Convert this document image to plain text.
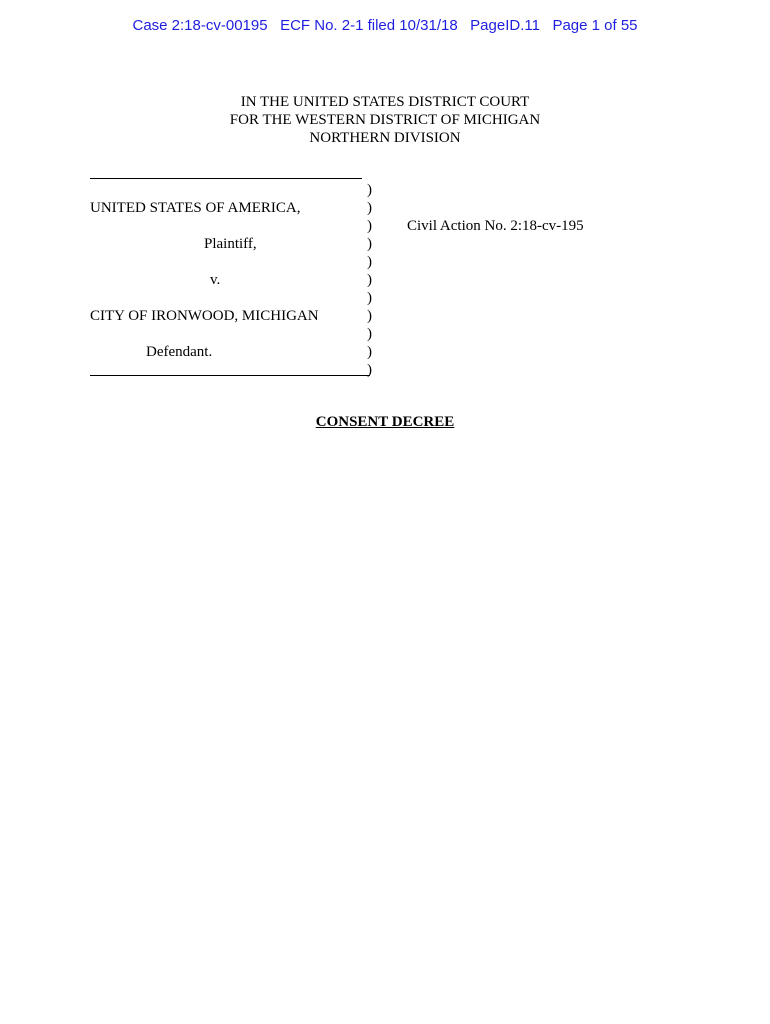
Case 2:18-cv-00195   ECF No. 2-1 filed 10/31/18   PageID.11   Page 1 of 55
IN THE UNITED STATES DISTRICT COURT
FOR THE WESTERN DISTRICT OF MICHIGAN
NORTHERN DIVISION
UNITED STATES OF AMERICA,
Plaintiff,
v.
CITY OF IRONWOOD, MICHIGAN
Defendant.
Civil Action No. 2:18-cv-195
)
)
)
)
)
)
)
)
)
)
)
CONSENT DECREE
